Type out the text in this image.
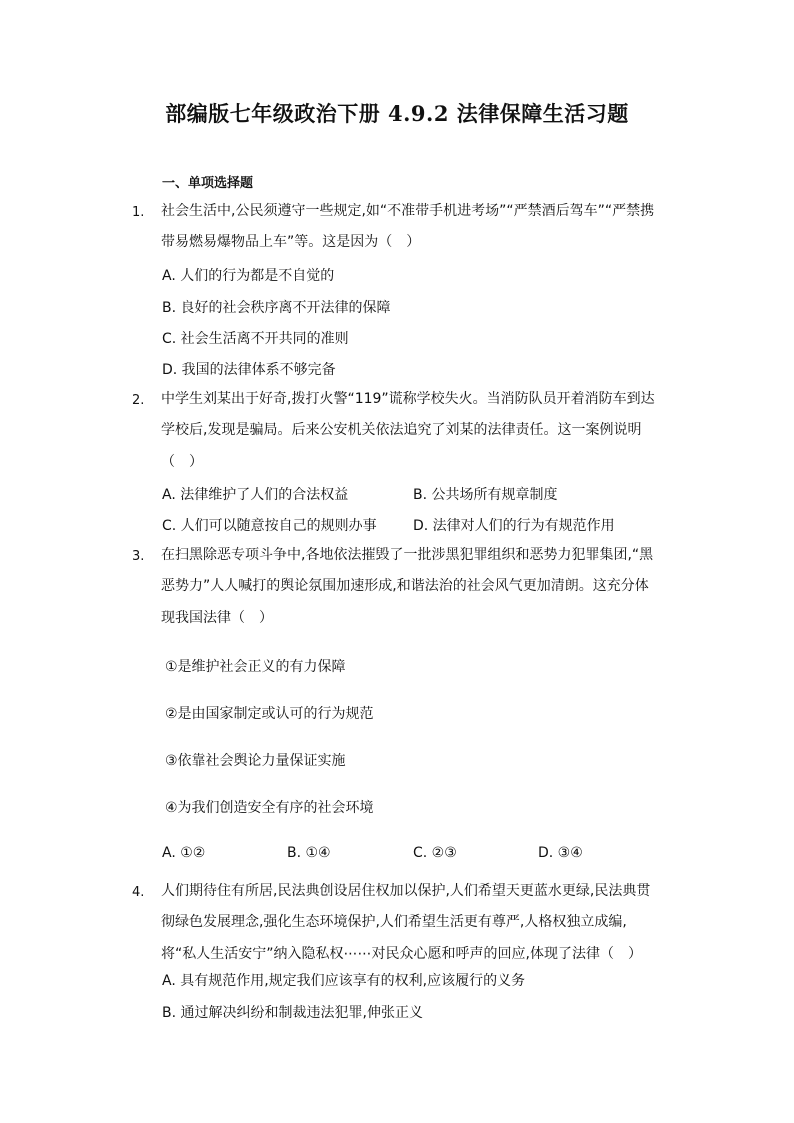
部编版七年级政治下册 4.9.2 法律保障生活习题
一、单项选择题
1. 社会生活中,公民须遵守一些规定,如“不准带手机进考场”“严禁酒后驾车”“严禁携带易燃易爆物品上车”等。这是因为（　）
A. 人们的行为都是不自觉的
B. 良好的社会秩序离不开法律的保障
C. 社会生活离不开共同的准则
D. 我国的法律体系不够完备
2. 中学生刘某出于好奇,拨打火警“119”谎称学校失火。当消防队员开着消防车到达学校后,发现是骗局。后来公安机关依法追究了刘某的法律责任。这一案例说明（　）
A. 法律维护了人们的合法权益	B. 公共场所有规章制度
C. 人们可以随意按自己的规则办事	D. 法律对人们的行为有规范作用
3. 在扫黑除恶专项斗争中,各地依法摧毁了一批涉黑犯罪组织和恶势力犯罪集团,“黑恶势力”人人喊打的舆论氛围加速形成,和谐法治的社会风气更加清朗。这充分体现我国法律（　）
①是维护社会正义的有力保障
②是由国家制定或认可的行为规范
③依靠社会舆论力量保证实施
④为我们创造安全有序的社会环境
A. ①②	B. ①④	C. ②③	D. ③④
4. 人们期待住有所居,民法典创设居住权加以保护,人们希望天更蓝水更绿,民法典贯彻绿色发展理念,强化生态环境保护,人们希望生活更有尊严,人格权独立成编,将“私人生活安宁”纳入隐私权⋯⋯对民众心愿和呼声的回应,体现了法律（　）
A. 具有规范作用,规定我们应该享有的权利,应该履行的义务
B. 通过解决纠纷和制裁违法犯罪,伸张正义
